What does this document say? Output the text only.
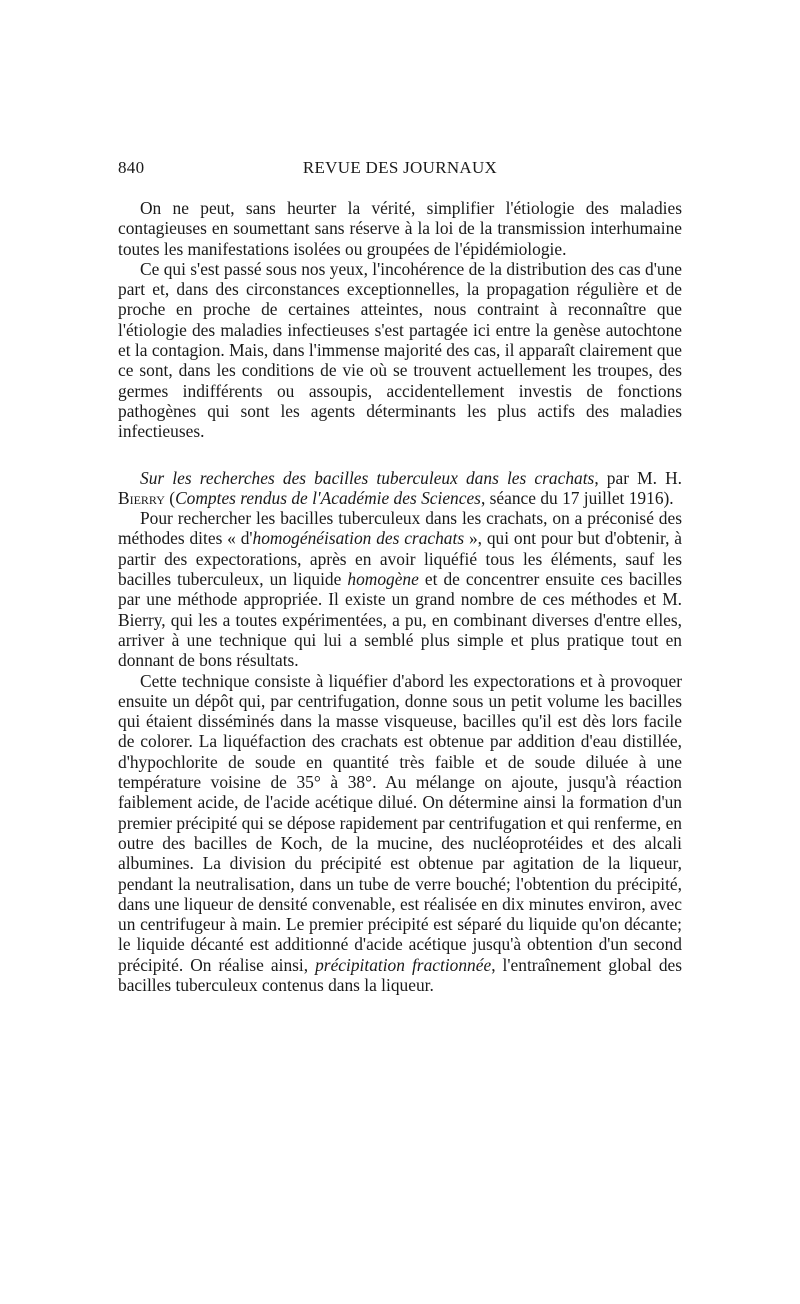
840	REVUE DES JOURNAUX

On ne peut, sans heurter la vérité, simplifier l'étiologie des maladies contagieuses en soumettant sans réserve à la loi de la transmission interhumaine toutes les manifestations isolées ou groupées de l'épidémiologie.

Ce qui s'est passé sous nos yeux, l'incohérence de la distribution des cas d'une part et, dans des circonstances exceptionnelles, la propagation régulière et de proche en proche de certaines atteintes, nous contraint à reconnaître que l'étiologie des maladies infectieuses s'est partagée ici entre la genèse autochtone et la contagion. Mais, dans l'immense majorité des cas, il apparaît clairement que ce sont, dans les conditions de vie où se trouvent actuellement les troupes, des germes indifférents ou assoupis, accidentellement investis de fonctions pathogènes qui sont les agents déterminants les plus actifs des maladies infectieuses.

Sur les recherches des bacilles tuberculeux dans les crachats, par M. H. Bierry (Comptes rendus de l'Académie des Sciences, séance du 17 juillet 1916).

Pour rechercher les bacilles tuberculeux dans les crachats, on a préconisé des méthodes dites « d'homogénéisation des crachats », qui ont pour but d'obtenir, à partir des expectorations, après en avoir liquéfié tous les éléments, sauf les bacilles tuberculeux, un liquide homogène et de concentrer ensuite ces bacilles par une méthode appropriée. Il existe un grand nombre de ces méthodes et M. Bierry, qui les a toutes expérimentées, a pu, en combinant diverses d'entre elles, arriver à une technique qui lui a semblé plus simple et plus pratique tout en donnant de bons résultats.

Cette technique consiste à liquéfier d'abord les expectorations et à provoquer ensuite un dépôt qui, par centrifugation, donne sous un petit volume les bacilles qui étaient disséminés dans la masse visqueuse, bacilles qu'il est dès lors facile de colorer. La liquéfaction des crachats est obtenue par addition d'eau distillée, d'hypochlorite de soude en quantité très faible et de soude diluée à une température voisine de 35° à 38°. Au mélange on ajoute, jusqu'à réaction faiblement acide, de l'acide acétique dilué. On détermine ainsi la formation d'un premier précipité qui se dépose rapidement par centrifugation et qui renferme, en outre des bacilles de Koch, de la mucine, des nucléoprotéides et des alcali albumines. La division du précipité est obtenue par agitation de la liqueur, pendant la neutralisation, dans un tube de verre bouché; l'obtention du précipité, dans une liqueur de densité convenable, est réalisée en dix minutes environ, avec un centrifugeur à main. Le premier précipité est séparé du liquide qu'on décante; le liquide décanté est additionné d'acide acétique jusqu'à obtention d'un second précipité. On réalise ainsi, précipitation fractionnée, l'entraînement global des bacilles tuberculeux contenus dans la liqueur.
